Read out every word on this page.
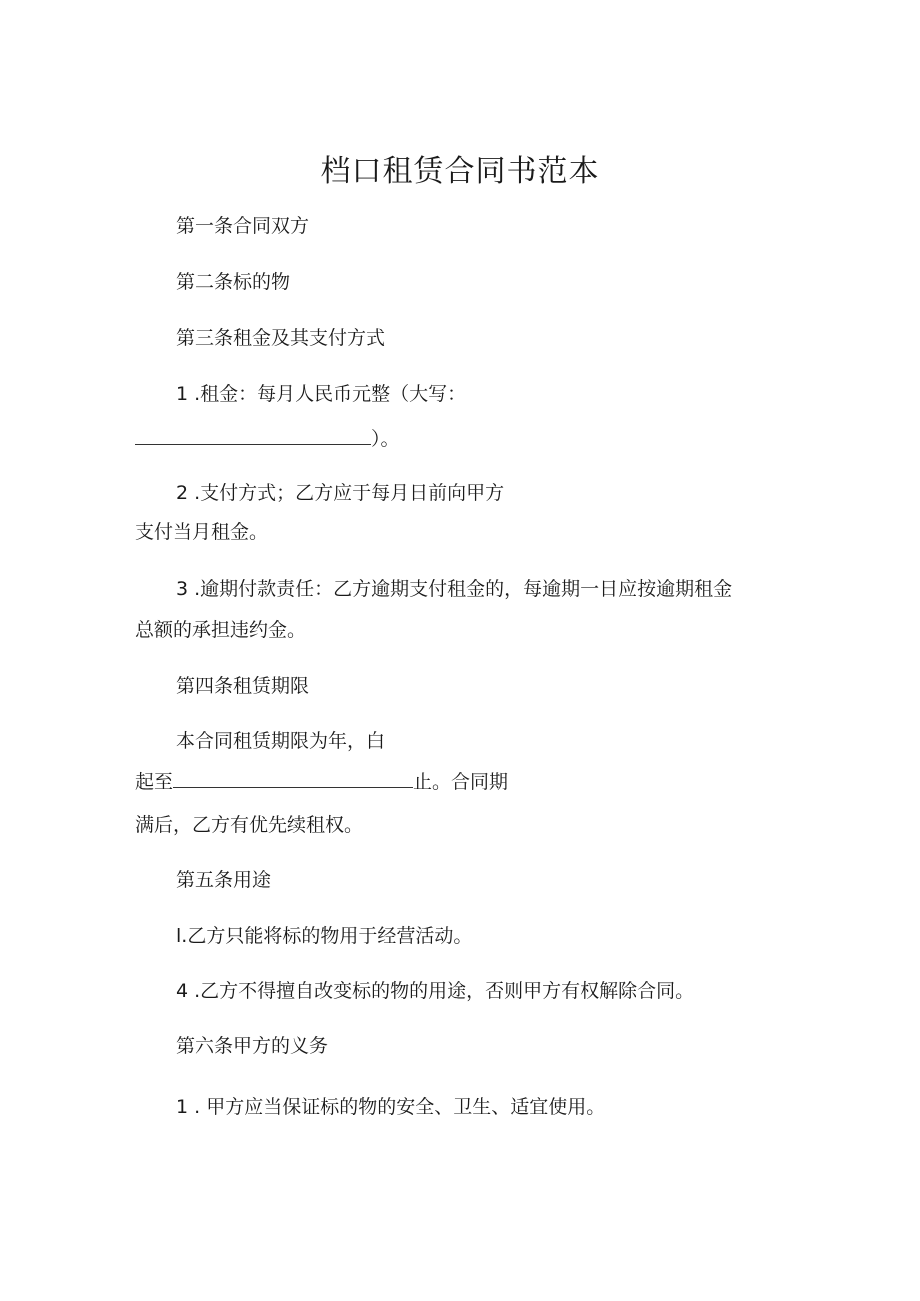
档口租赁合同书范本

第一条合同双方

第二条标的物

第三条租金及其支付方式

1 .租金：每月人民币元整（大写：

）。

2 .支付方式；乙方应于每月日前向甲方

支付当月租金。

3 .逾期付款责任：乙方逾期支付租金的，每逾期一日应按逾期租金

总额的承担违约金。

第四条租赁期限

本合同租赁期限为年，白

起至	止。合同期

满后，乙方有优先续租权。

第五条用途

l.乙方只能将标的物用于经营活动。

4 .乙方不得擅自改变标的物的用途，否则甲方有权解除合同。

第六条甲方的义务

1 . 甲方应当保证标的物的安全、卫生、适宜使用。
